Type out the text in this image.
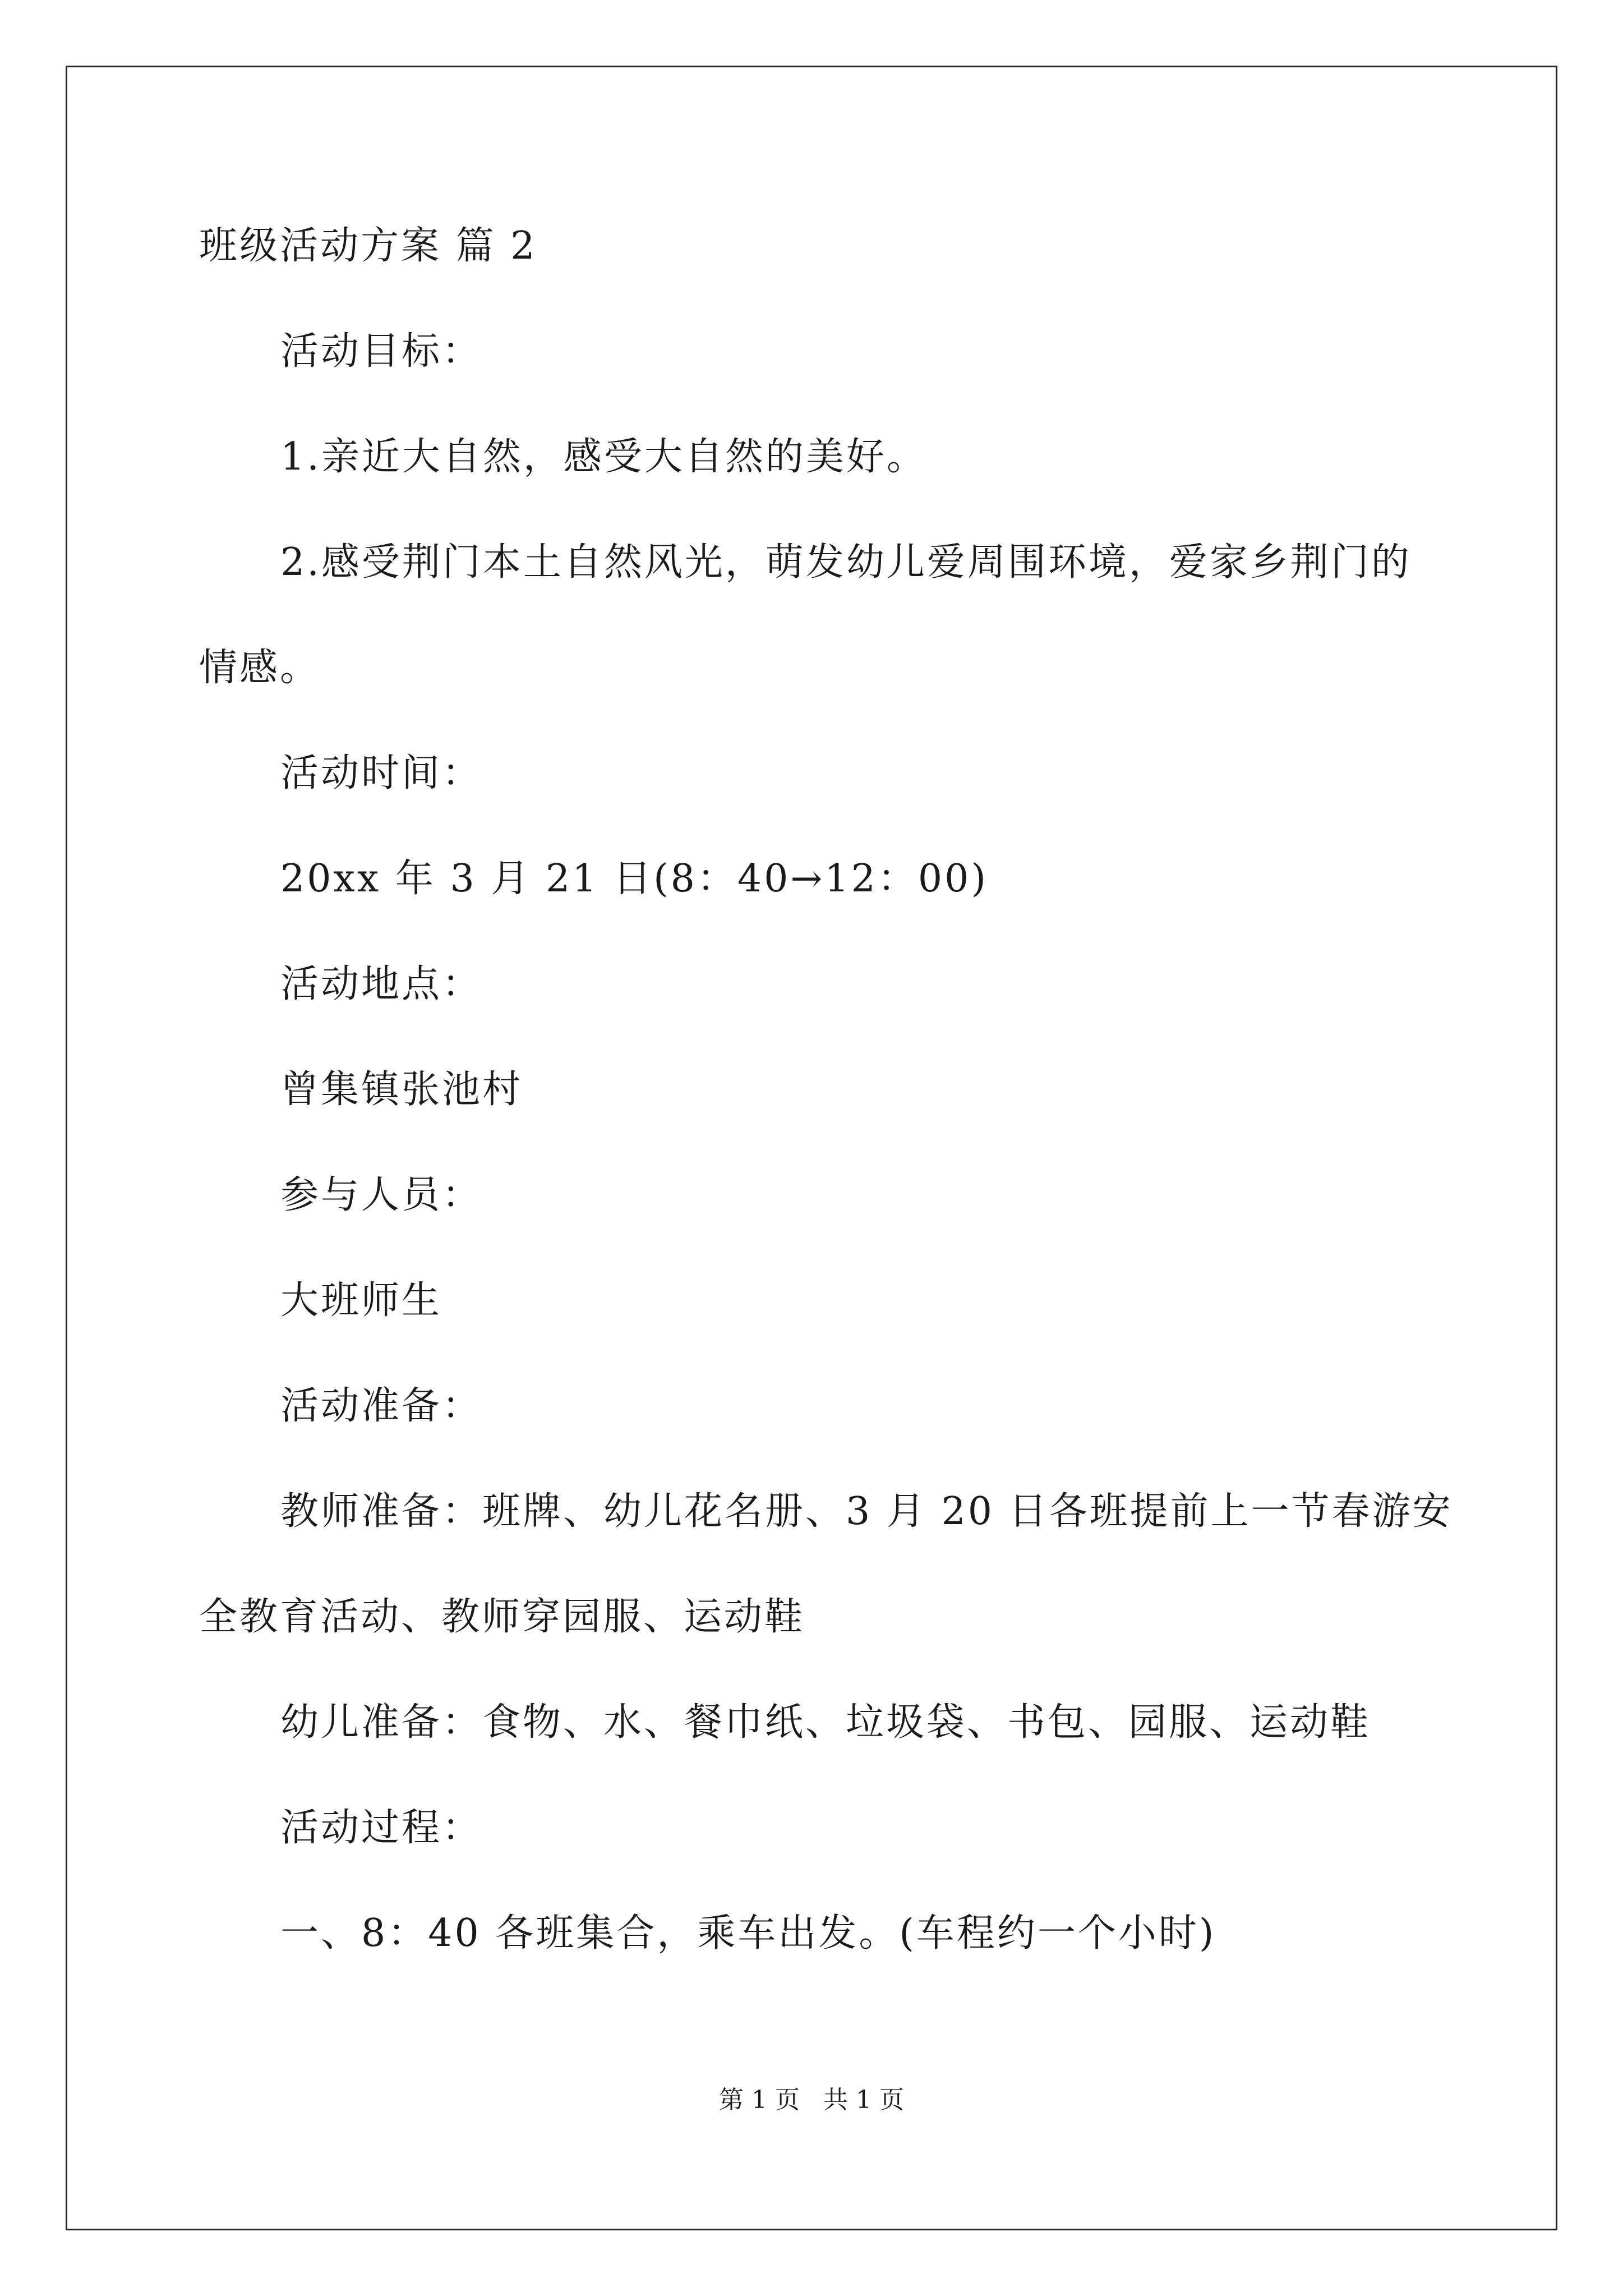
班级活动方案 篇 2
活动目标：
1.亲近大自然，感受大自然的美好。
2.感受荆门本土自然风光，萌发幼儿爱周围环境，爱家乡荆门的
情感。
活动时间：
20xx 年 3 月 21 日(8：40→12：00)
活动地点：
曾集镇张池村
参与人员：
大班师生
活动准备：
教师准备：班牌、幼儿花名册、3 月 20 日各班提前上一节春游安
全教育活动、教师穿园服、运动鞋
幼儿准备：食物、水、餐巾纸、垃圾袋、书包、园服、运动鞋
活动过程：
一、8：40 各班集合，乘车出发。(车程约一个小时)
第 1 页   共 1 页
